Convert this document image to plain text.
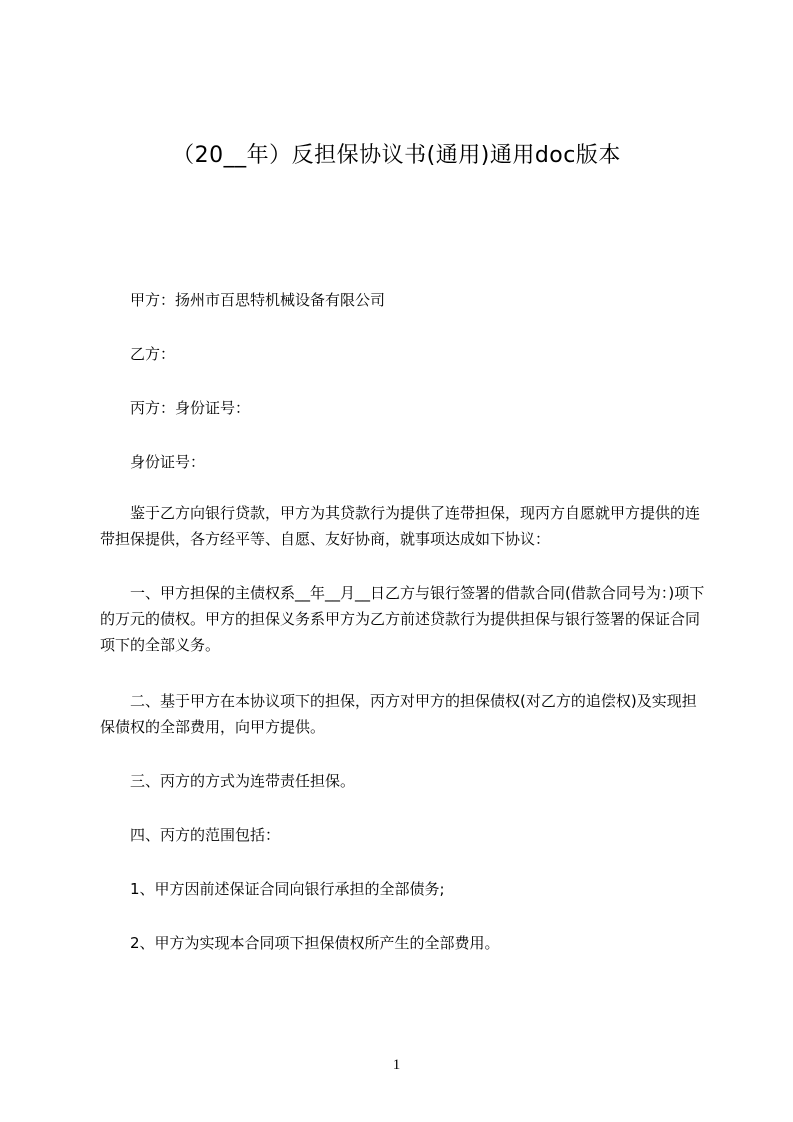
（20__年）反担保协议书(通用)通用doc版本

甲方：扬州市百思特机械设备有限公司

乙方：

丙方：身份证号：

身份证号：

鉴于乙方向银行贷款，甲方为其贷款行为提供了连带担保，现丙方自愿就甲方提供的连带担保提供，各方经平等、自愿、友好协商，就事项达成如下协议：

一、甲方担保的主债权系__年__月__日乙方与银行签署的借款合同(借款合同号为：)项下的万元的债权。甲方的担保义务系甲方为乙方前述贷款行为提供担保与银行签署的保证合同项下的全部义务。

二、基于甲方在本协议项下的担保，丙方对甲方的担保债权(对乙方的追偿权)及实现担保债权的全部费用，向甲方提供。

三、丙方的方式为连带责任担保。

四、丙方的范围包括：

1、甲方因前述保证合同向银行承担的全部债务;

2、甲方为实现本合同项下担保债权所产生的全部费用。

1
